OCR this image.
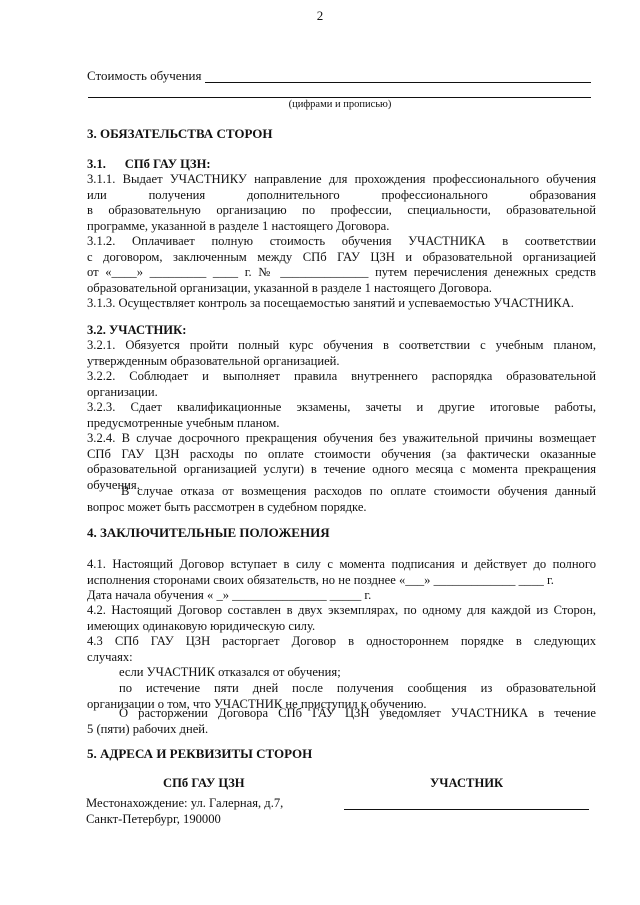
2
Стоимость обучения
(цифрами и прописью)
3. ОБЯЗАТЕЛЬСТВА СТОРОН
3.1.      СПб ГАУ ЦЗН:
3.1.1. Выдает УЧАСТНИКУ направление для прохождения профессионального обучения
или получения дополнительного профессионального образования
в образовательную организацию по профессии, специальности, образовательной
программе, указанной в разделе 1 настоящего Договора.
3.1.2. Оплачивает полную стоимость обучения УЧАСТНИКА в соответствии
с договором, заключенным между СПб ГАУ ЦЗН и образовательной организацией
от «____» _________ ____ г. № ______________ путем перечисления денежных средств
образовательной организации, указанной в разделе 1 настоящего Договора.
3.1.3. Осуществляет контроль за посещаемостью занятий и успеваемостью УЧАСТНИКА.
3.2. УЧАСТНИК:
3.2.1. Обязуется пройти полный курс обучения в соответствии с учебным планом,
утвержденным образовательной организацией.
3.2.2. Соблюдает и выполняет правила внутреннего распорядка образовательной
организации.
3.2.3. Сдает квалификационные экзамены, зачеты и другие итоговые работы,
предусмотренные учебным планом.
3.2.4. В случае досрочного прекращения обучения без уважительной причины возмещает
СПб ГАУ ЦЗН расходы по оплате стоимости обучения (за фактически оказанные
образовательной организацией услуги) в течение одного месяца с момента прекращения
обучения.
В случае отказа от возмещения расходов по оплате стоимости обучения данный
вопрос может быть рассмотрен в судебном порядке.
4. ЗАКЛЮЧИТЕЛЬНЫЕ ПОЛОЖЕНИЯ
4.1. Настоящий Договор вступает в силу с момента подписания и действует до полного
исполнения сторонами своих обязательств, но не позднее «___» _____________ ____ г.
Дата начала обучения « _» _______________ _____ г.
4.2. Настоящий Договор составлен в двух экземплярах, по одному для каждой из Сторон,
имеющих одинаковую юридическую силу.
4.3 СПб ГАУ ЦЗН расторгает Договор в одностороннем порядке в следующих
случаях:
если УЧАСТНИК отказался от обучения;
по истечение пяти дней после получения сообщения из образовательной
организации о том, что УЧАСТНИК не приступил к обучению.
О расторжении Договора СПб ГАУ ЦЗН уведомляет УЧАСТНИКА в течение
5 (пяти) рабочих дней.
5. АДРЕСА И РЕКВИЗИТЫ СТОРОН
СПб ГАУ ЦЗН	УЧАСТНИК
Местонахождение: ул. Галерная, д.7,
Санкт-Петербург, 190000
